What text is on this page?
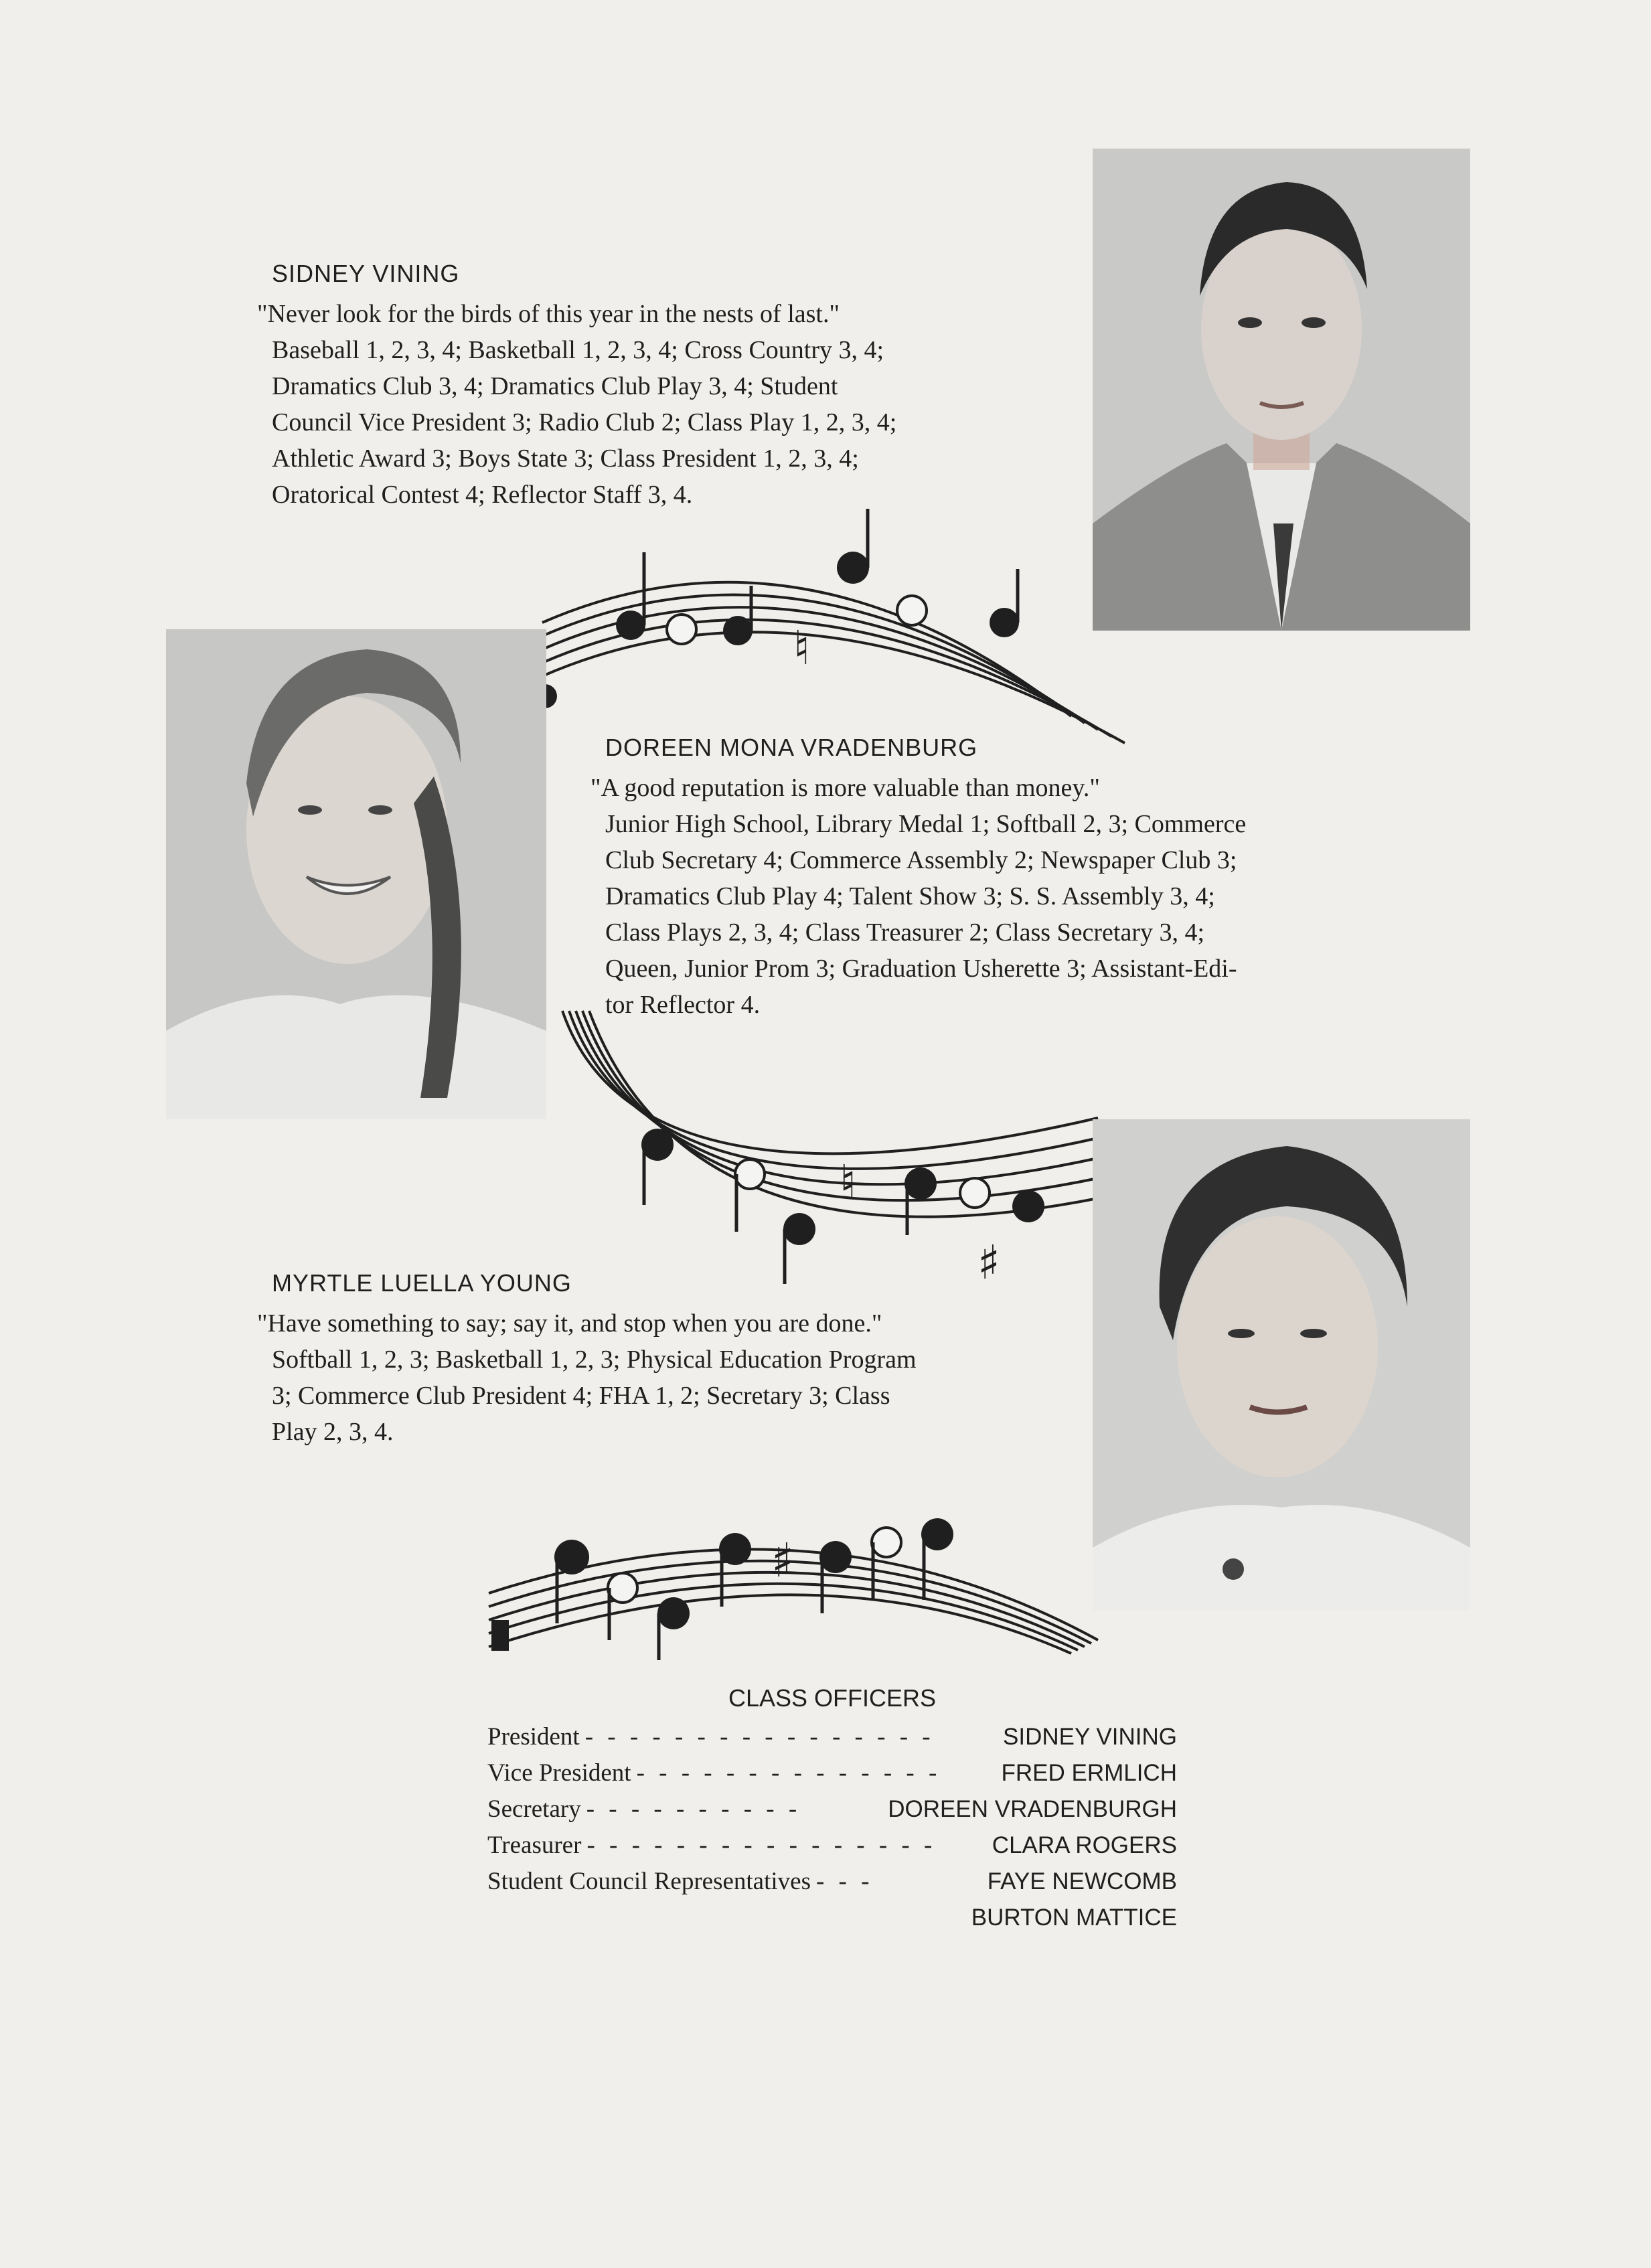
SIDNEY VINING
"Never look for the birds of this year in the nests of last."
Baseball 1, 2, 3, 4; Basketball 1, 2, 3, 4; Cross Country 3, 4;
Dramatics Club 3, 4; Dramatics Club Play 3, 4; Student
Council Vice President 3; Radio Club 2; Class Play 1, 2, 3, 4;
Athletic Award 3; Boys State 3; Class President 1, 2, 3, 4;
Oratorical Contest 4; Reflector Staff 3, 4.
♮
DOREEN MONA VRADENBURG
"A good reputation is more valuable than money."
Junior High School, Library Medal 1; Softball 2, 3; Commerce
Club Secretary 4; Commerce Assembly 2; Newspaper Club 3;
Dramatics Club Play 4; Talent Show 3; S. S. Assembly 3, 4;
Class Plays 2, 3, 4; Class Treasurer 2; Class Secretary 3, 4;
Queen, Junior Prom 3; Graduation Usherette 3; Assistant-Edi-
tor Reflector 4.
♮
♯
MYRTLE LUELLA YOUNG
"Have something to say; say it, and stop when you are done."
Softball 1, 2, 3; Basketball 1, 2, 3; Physical Education Program
3; Commerce Club President 4; FHA 1, 2; Secretary 3; Class
Play 2, 3, 4.
♯
CLASS OFFICERS
President - - - - - - - - - - - - - - - -	SIDNEY VINING
Vice President - - - - - - - - - - - - - -	FRED ERMLICH
Secretary - - - - - - - - - -	DOREEN VRADENBURGH
Treasurer - - - - - - - - - - - - - - - -	CLARA ROGERS
Student Council Representatives - - -	FAYE NEWCOMB
BURTON MATTICE
